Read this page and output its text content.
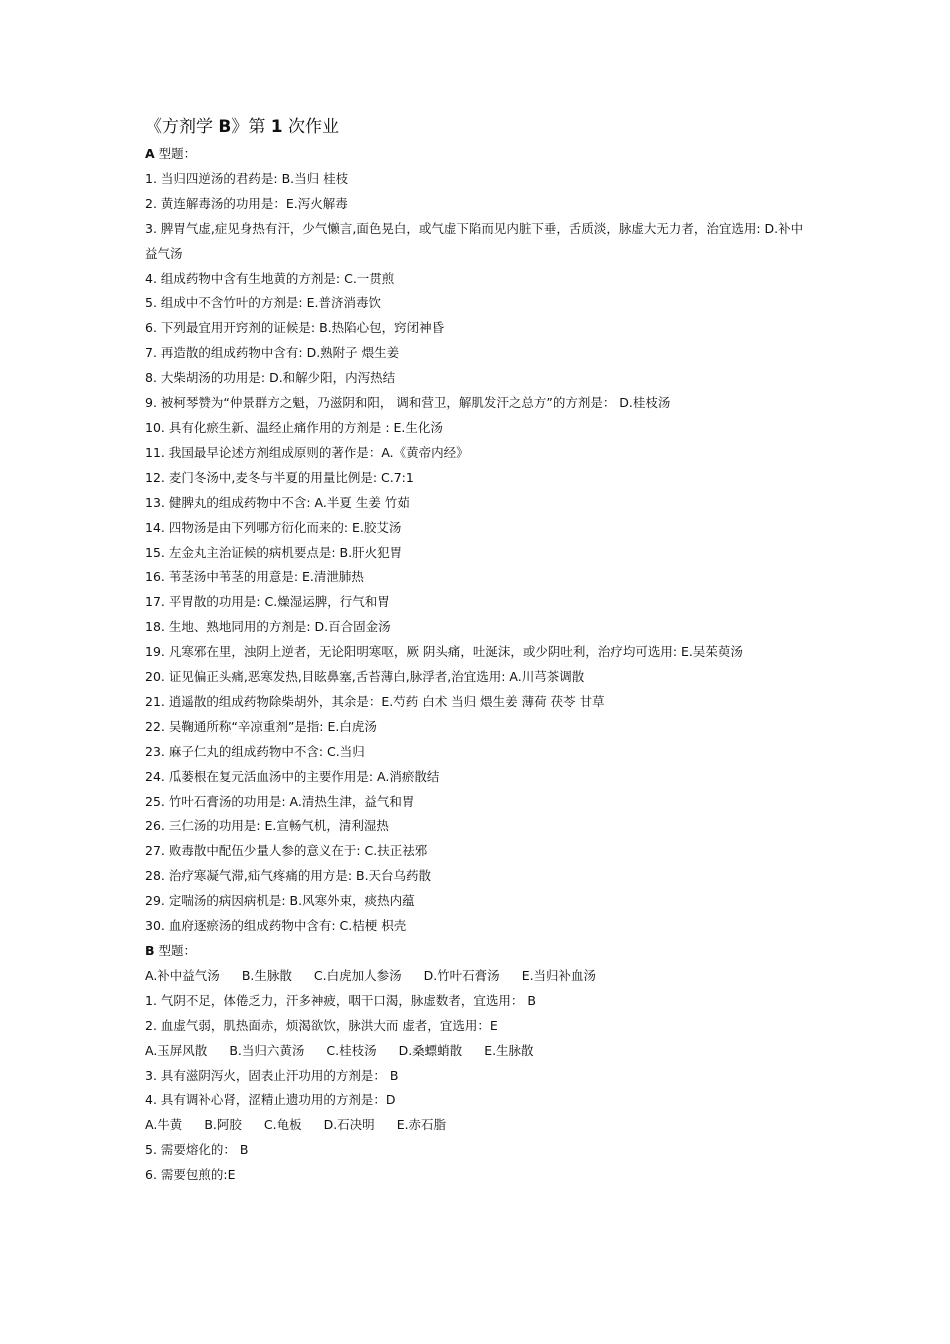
《方剂学 B》第 1 次作业
A 型题：
1. 当归四逆汤的君药是: B.当归 桂枝
2. 黄连解毒汤的功用是：E.泻火解毒
3. 脾胃气虚,症见身热有汗，少气懒言,面色晃白，或气虚下陷而见内脏下垂，舌质淡，脉虚大无力者，治宜选用: D.补中益气汤
4. 组成药物中含有生地黄的方剂是: C.一贯煎
5. 组成中不含竹叶的方剂是: E.普济消毒饮
6. 下列最宜用开窍剂的证候是: B.热陷心包，窍闭神昏
7. 再造散的组成药物中含有: D.熟附子 煨生姜
8. 大柴胡汤的功用是: D.和解少阳，内泻热结
9. 被柯琴赞为“仲景群方之魁，乃滋阴和阳， 调和营卫，解肌发汗之总方”的方剂是： D.桂枝汤
10. 具有化瘀生新、温经止痛作用的方剂是 : E.生化汤
11. 我国最早论述方剂组成原则的著作是：A.《黄帝内经》
12. 麦门冬汤中,麦冬与半夏的用量比例是: C.7:1
13. 健脾丸的组成药物中不含: A.半夏 生姜 竹茹
14. 四物汤是由下列哪方衍化而来的: E.胶艾汤
15. 左金丸主治证候的病机要点是: B.肝火犯胃
16. 苇茎汤中苇茎的用意是: E.清泄肺热
17. 平胃散的功用是: C.燥湿运脾，行气和胃
18. 生地、熟地同用的方剂是: D.百合固金汤
19. 凡寒邪在里，浊阴上逆者，无论阳明寒呕，厥 阴头痛，吐涎沫，或少阴吐利，治疗均可选用: E.吴茱萸汤
20. 证见偏正头痛,恶寒发热,目眩鼻塞,舌苔薄白,脉浮者,治宜选用: A.川芎茶调散
21. 逍遥散的组成药物除柴胡外，其余是：E.芍药 白术 当归 煨生姜 薄荷 茯苓 甘草
22. 吴鞠通所称“辛凉重剂”是指: E.白虎汤
23. 麻子仁丸的组成药物中不含: C.当归
24. 瓜蒌根在复元活血汤中的主要作用是: A.消瘀散结
25. 竹叶石膏汤的功用是: A.清热生津，益气和胃
26. 三仁汤的功用是: E.宣畅气机，清利湿热
27. 败毒散中配伍少量人参的意义在于: C.扶正祛邪
28. 治疗寒凝气滞,疝气疼痛的用方是: B.天台乌药散
29. 定喘汤的病因病机是: B.风寒外束，痰热内蕴
30. 血府逐瘀汤的组成药物中含有: C.桔梗 枳壳
B 型题：
A.补中益气汤 B.生脉散 C.白虎加人参汤 D.竹叶石膏汤 E.当归补血汤
1. 气阴不足，体倦乏力，汗多神疲，咽干口渴，脉虚数者，宜选用： B
2. 血虚气弱，肌热面赤，烦渴欲饮，脉洪大而 虚者，宜选用：E
A.玉屏风散 B.当归六黄汤 C.桂枝汤 D.桑螵蛸散 E.生脉散
3. 具有滋阴泻火，固表止汗功用的方剂是： B
4. 具有调补心肾，涩精止遗功用的方剂是：D
A.牛黄 B.阿胶 C.龟板 D.石决明 E.赤石脂
5. 需要熔化的： B
6. 需要包煎的:E
